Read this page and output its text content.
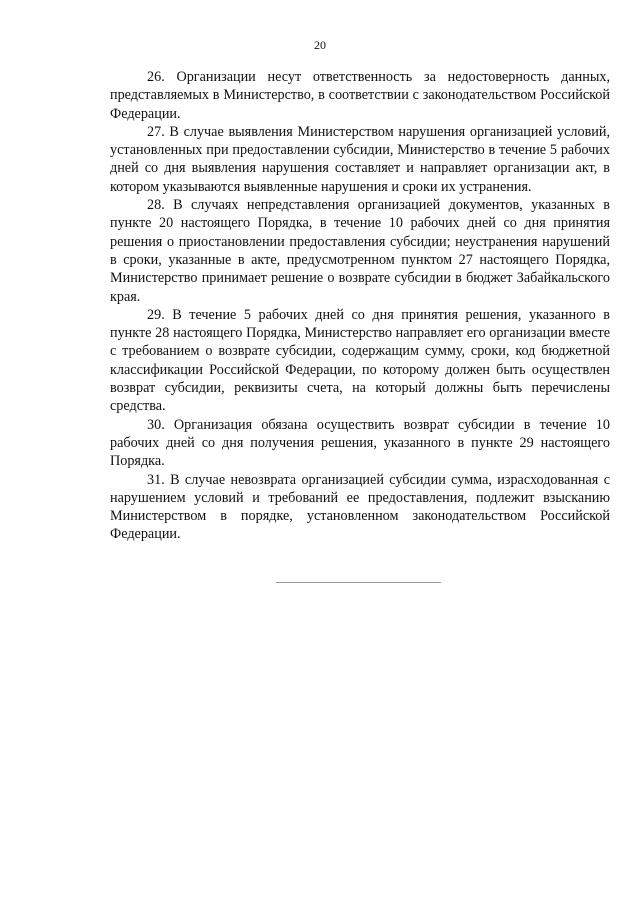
20

26. Организации несут ответственность за недостоверность данных, представляемых в Министерство, в соответствии с законодательством Российской Федерации.

27. В случае выявления Министерством нарушения организацией условий, установленных при предоставлении субсидии, Министерство в течение 5 рабочих дней со дня выявления нарушения составляет и направляет организации акт, в котором указываются выявленные нарушения и сроки их устранения.

28. В случаях непредставления организацией документов, указанных в пункте 20 настоящего Порядка, в течение 10 рабочих дней со дня принятия решения о приостановлении предоставления субсидии; неустранения нарушений в сроки, указанные в акте, предусмотренном пунктом 27 настоящего Порядка, Министерство принимает решение о возврате субсидии в бюджет Забайкальского края.

29. В течение 5 рабочих дней со дня принятия решения, указанного в пункте 28 настоящего Порядка, Министерство направляет его организации вместе с требованием о возврате субсидии, содержащим сумму, сроки, код бюджетной классификации Российской Федерации, по которому должен быть осуществлен возврат субсидии, реквизиты счета, на который должны быть перечислены средства.

30. Организация обязана осуществить возврат субсидии в течение 10 рабочих дней со дня получения решения, указанного в пункте 29 настоящего Порядка.

31. В случае невозврата организацией субсидии сумма, израсходованная с нарушением условий и требований ее предоставления, подлежит взысканию Министерством в порядке, установленном законодательством Российской Федерации.
